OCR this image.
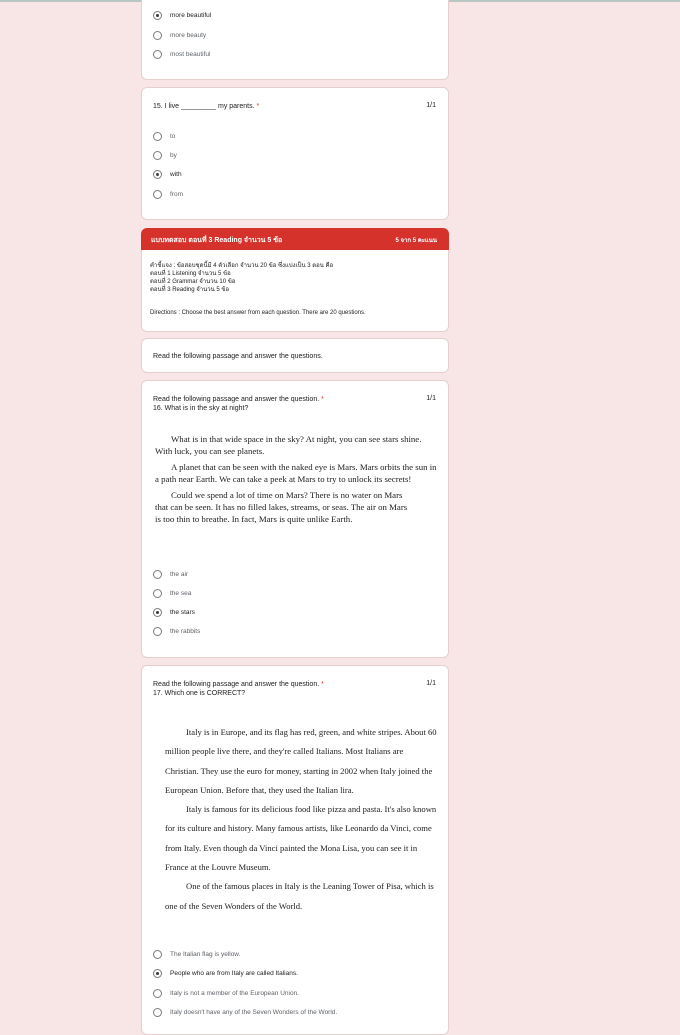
more beautiful
more beauty
most beautiful
15. I live _________ my parents. *	1/1
to
by
with
from
แบบทดสอบ ตอนที่ 3 Reading จำนวน 5 ข้อ	5 จาก 5 คะแนน
คำชี้แจง : ข้อสอบชุดนี้มี 4 ตัวเลือก จำนวน 20 ข้อ ซึ่งแบ่งเป็น 3 ตอน คือ
ตอนที่ 1 Listening จำนวน 5 ข้อ
ตอนที่ 2 Grammar จำนวน 10 ข้อ
ตอนที่ 3 Reading จำนวน 5 ข้อ
Directions : Choose the best answer from each question. There are 20 questions.
Read the following passage and answer the questions.
Read the following passage and answer the question. *
16. What is in the sky at night?
1/1

What is in that wide space in the sky? At night, you can see stars shine. With luck, you can see planets.

A planet that can be seen with the naked eye is Mars. Mars orbits the sun in a path near Earth. We can take a peek at Mars to try to unlock its secrets!

Could we spend a lot of time on Mars? There is no water on Mars that can be seen. It has no filled lakes, streams, or seas. The air on Mars is too thin to breathe. In fact, Mars is quite unlike Earth.

the air
the sea
the stars
the rabbits
Read the following passage and answer the question. *
17. Which one is CORRECT?
1/1

Italy is in Europe, and its flag has red, green, and white stripes. About 60 million people live there, and they're called Italians. Most Italians are Christian. They use the euro for money, starting in 2002 when Italy joined the European Union. Before that, they used the Italian lira.

Italy is famous for its delicious food like pizza and pasta. It's also known for its culture and history. Many famous artists, like Leonardo da Vinci, come from Italy. Even though da Vinci painted the Mona Lisa, you can see it in France at the Louvre Museum.

One of the famous places in Italy is the Leaning Tower of Pisa, which is one of the Seven Wonders of the World.

The Italian flag is yellow.
People who are from Italy are called Italians.
Italy is not a member of the European Union.
Italy doesn't have any of the Seven Wonders of the World.
